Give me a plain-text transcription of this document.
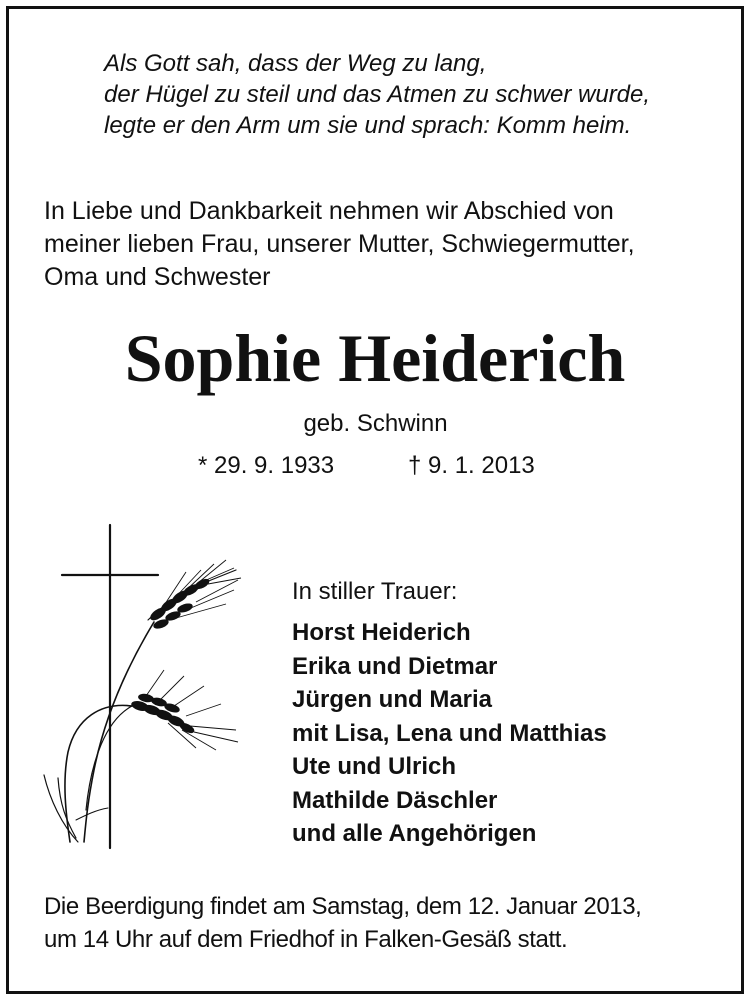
Als Gott sah, dass der Weg zu lang,
der Hügel zu steil und das Atmen zu schwer wurde,
legte er den Arm um sie und sprach: Komm heim.
In Liebe und Dankbarkeit nehmen wir Abschied von
meiner lieben Frau, unserer Mutter, Schwiegermutter,
Oma und Schwester
Sophie Heiderich
geb. Schwinn
* 29. 9. 1933	† 9. 1. 2013
In stiller Trauer:
Horst Heiderich
Erika und Dietmar
Jürgen und Maria
mit Lisa, Lena und Matthias
Ute und Ulrich
Mathilde Däschler
und alle Angehörigen
Die Beerdigung findet am Samstag, dem 12. Januar 2013,
um 14 Uhr auf dem Friedhof in Falken-Gesäß statt.
